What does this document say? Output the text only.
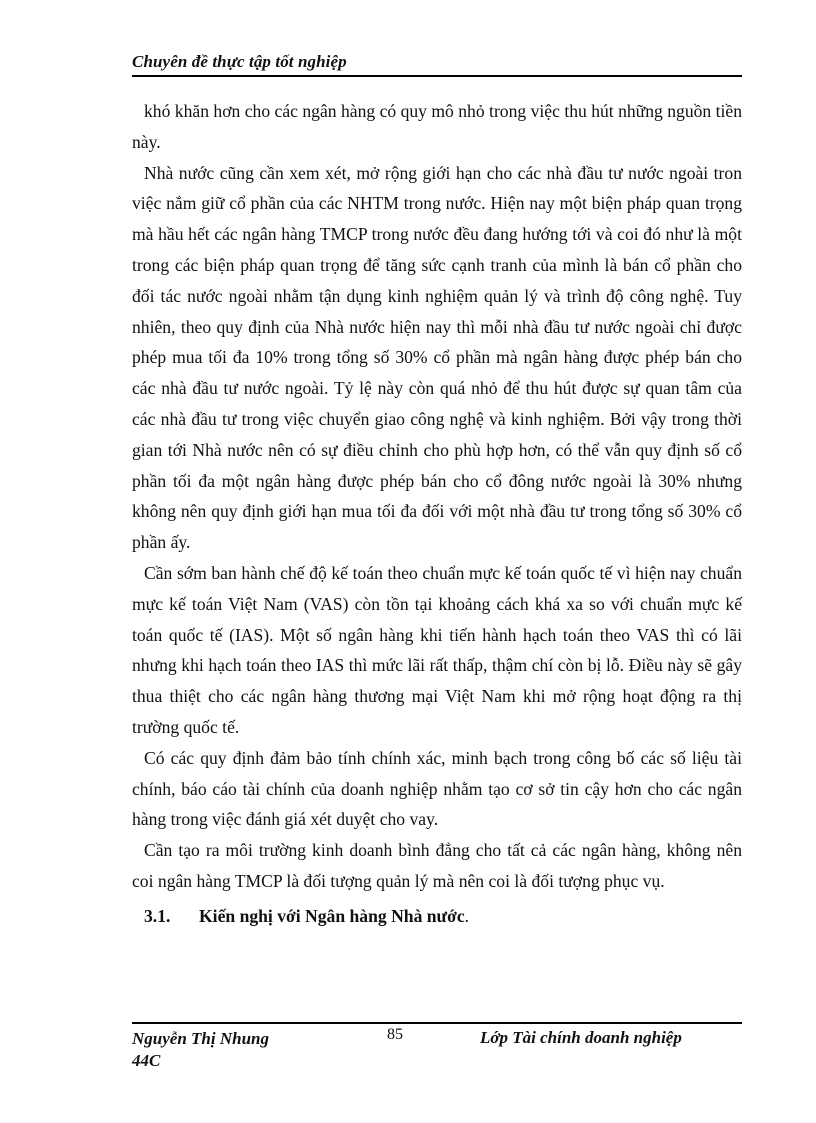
Chuyên đề thực tập tốt nghiệp

khó khăn hơn cho các ngân hàng có quy mô nhỏ trong việc thu hút những nguồn tiền này.

Nhà nước cũng cần xem xét, mở rộng giới hạn cho các nhà đầu tư nước ngoài tron việc nắm giữ cổ phần của các NHTM trong nước. Hiện nay một biện pháp quan trọng mà hầu hết các ngân hàng TMCP trong nước đều đang hướng tới và coi đó như là một trong các biện pháp quan trọng để tăng sức cạnh tranh của mình là bán cổ phần cho đối tác nước ngoài nhằm tận dụng kinh nghiệm quản lý và trình độ công nghệ. Tuy nhiên, theo quy định của Nhà nước hiện nay thì mỗi nhà đầu tư nước ngoài chỉ được phép mua tối đa 10% trong tổng số 30% cổ phần mà ngân hàng được phép bán cho các nhà đầu tư nước ngoài. Tỷ lệ này còn quá nhỏ để thu hút được sự quan tâm của các nhà đầu tư trong việc chuyển giao công nghệ và kinh nghiệm. Bởi vậy trong thời gian tới Nhà nước nên có sự điều chỉnh cho phù hợp hơn, có thể vẫn quy định số cổ phần tối đa một ngân hàng được phép bán cho cổ đông nước ngoài là 30% nhưng không nên quy định giới hạn mua tối đa đối với một nhà đầu tư trong tổng số 30% cổ phần ấy.

Cần sớm ban hành chế độ kế toán theo chuẩn mực kế toán quốc tế vì hiện nay chuẩn mực kế toán Việt Nam (VAS) còn tồn tại khoảng cách khá xa so với chuẩn mực kế toán quốc tế (IAS). Một số ngân hàng khi tiến hành hạch toán theo VAS thì có lãi nhưng khi hạch toán theo IAS thì mức lãi rất thấp, thậm chí còn bị lỗ. Điều này sẽ gây thua thiệt cho các ngân hàng thương mại Việt Nam khi mở rộng hoạt động ra thị trường quốc tế.

Có các quy định đảm bảo tính chính xác, minh bạch trong công bố các số liệu tài chính, báo cáo tài chính của doanh nghiệp nhằm tạo cơ sở tin cậy hơn cho các ngân hàng trong việc đánh giá xét duyệt cho vay.

Cần tạo ra môi trường kinh doanh bình đẳng cho tất cả các ngân hàng, không nên coi ngân hàng TMCP là đối tượng quản lý mà nên coi là đối tượng phục vụ.

3.1.	Kiến nghị với Ngân hàng Nhà nước.
Nguyễn Thị Nhung
44C
85	Lớp Tài chính doanh nghiệp
